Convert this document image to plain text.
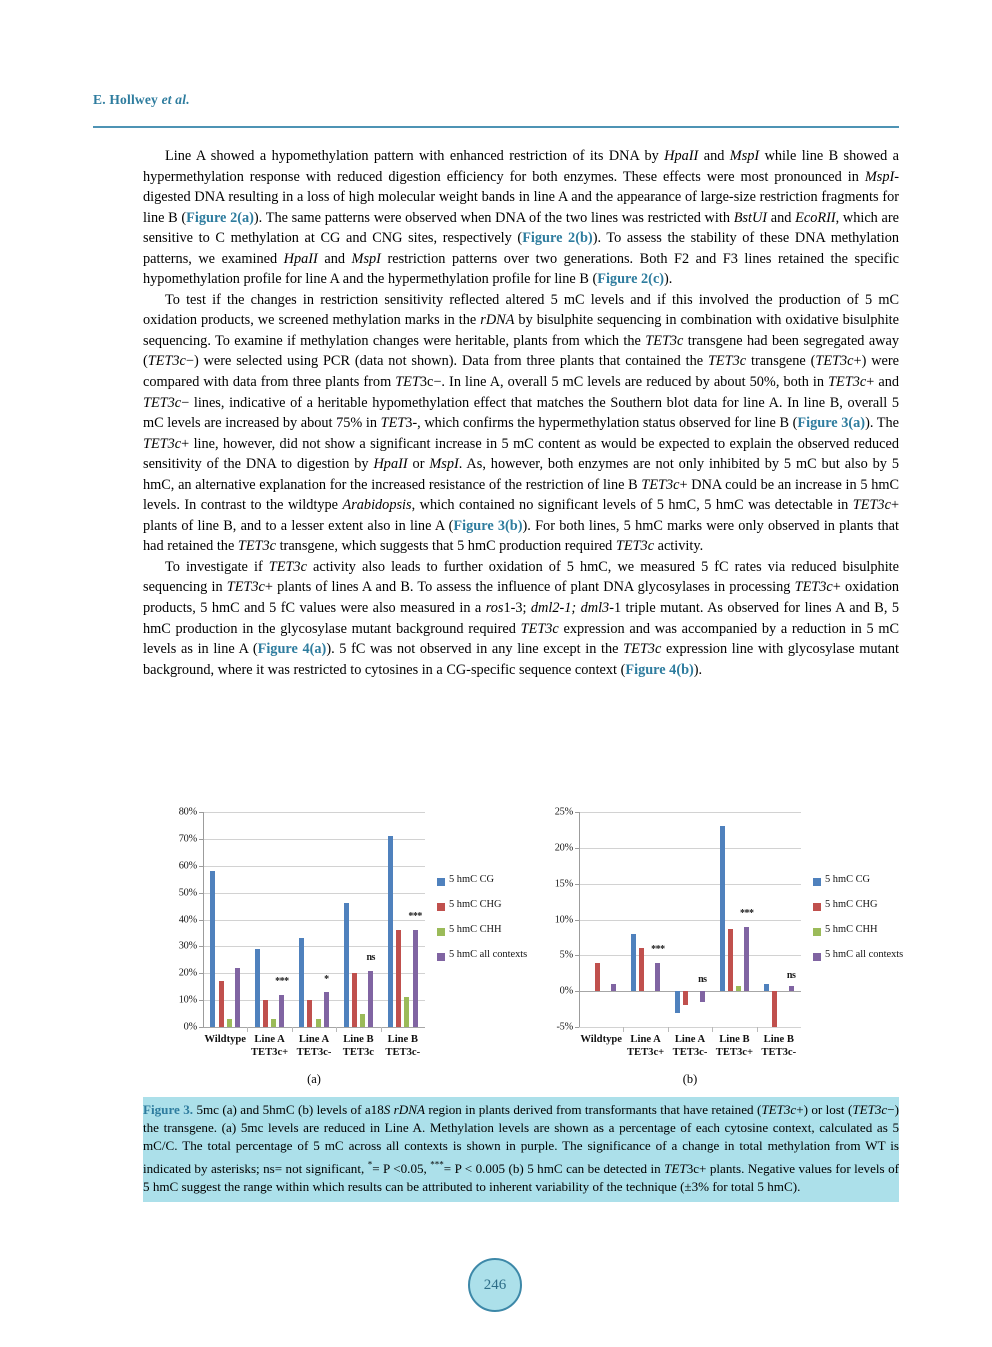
E. Hollwey et al.

Line A showed a hypomethylation pattern with enhanced restriction of its DNA by HpaII and MspI while line B showed a hypermethylation response with reduced digestion efficiency for both enzymes. These effects were most pronounced in MspI-digested DNA resulting in a loss of high molecular weight bands in line A and the appearance of large-size restriction fragments for line B (Figure 2(a)). The same patterns were observed when DNA of the two lines was restricted with BstUI and EcoRII, which are sensitive to C methylation at CG and CNG sites, respectively (Figure 2(b)). To assess the stability of these DNA methylation patterns, we examined HpaII and MspI restriction patterns over two generations. Both F2 and F3 lines retained the specific hypomethylation profile for line A and the hypermethylation profile for line B (Figure 2(c)).

To test if the changes in restriction sensitivity reflected altered 5 mC levels and if this involved the production of 5 mC oxidation products, we screened methylation marks in the rDNA by bisulphite sequencing in combination with oxidative bisulphite sequencing. To examine if methylation changes were heritable, plants from which the TET3c transgene had been segregated away (TET3c−) were selected using PCR (data not shown). Data from three plants that contained the TET3c transgene (TET3c+) were compared with data from three plants from TET3c−. In line A, overall 5 mC levels are reduced by about 50%, both in TET3c+ and TET3c− lines, indicative of a heritable hypomethylation effect that matches the Southern blot data for line A. In line B, overall 5 mC levels are increased by about 75% in TET3-, which confirms the hypermethylation status observed for line B (Figure 3(a)). The TET3c+ line, however, did not show a significant increase in 5 mC content as would be expected to explain the observed reduced sensitivity of the DNA to digestion by HpaII or MspI. As, however, both enzymes are not only inhibited by 5 mC but also by 5 hmC, an alternative explanation for the increased resistance of the restriction of line B TET3c+ DNA could be an increase in 5 hmC levels. In contrast to the wildtype Arabidopsis, which contained no significant levels of 5 hmC, 5 hmC was detectable in TET3c+ plants of line B, and to a lesser extent also in line A (Figure 3(b)). For both lines, 5 hmC marks were only observed in plants that had retained the TET3c transgene, which suggests that 5 hmC production required TET3c activity.

To investigate if TET3c activity also leads to further oxidation of 5 hmC, we measured 5 fC rates via reduced bisulphite sequencing in TET3c+ plants of lines A and B. To assess the influence of plant DNA glycosylases in processing TET3c+ oxidation products, 5 hmC and 5 fC values were also measured in a ros1-3; dml2-1; dml3-1 triple mutant. As observed for lines A and B, 5 hmC production in the glycosylase mutant background required TET3c expression and was accompanied by a reduction in 5 mC levels as in line A (Figure 4(a)). 5 fC was not observed in any line except in the TET3c expression line with glycosylase mutant background, where it was restricted to cytosines in a CG-specific sequence context (Figure 4(b)).

0%
10%
20%
30%
40%
50%
60%
70%
80%
Wildtype
***
Line A
TET3c+
*
Line A
TET3c-
ns
Line B
TET3c
***
Line B
TET3c-
5 hmC CG
5 hmC CHG
5 hmC CHH
5 hmC all contexts
(a)
-5%
0%
5%
10%
15%
20%
25%
Wildtype
***
Line A
TET3c+
ns
Line A
TET3c-
***
Line B
TET3c+
ns
Line B
TET3c-
5 hmC CG
5 hmC CHG
5 hmC CHH
5 hmC all contexts
(b)

Figure 3. 5mc (a) and 5hmC (b) levels of a18S rDNA region in plants derived from transformants that have retained (TET3c+) or lost (TET3c−) the transgene. (a) 5mc levels are reduced in Line A. Methylation levels are shown as a percentage of each cytosine context, calculated as 5 mC/C. The total percentage of 5 mC across all contexts is shown in purple. The significance of a change in total methylation from WT is indicated by asterisks; ns= not significant, *= P <0.05, ***= P < 0.005 (b) 5 hmC can be detected in TET3c+ plants. Negative values for levels of 5 hmC suggest the range within which results can be attributed to inherent variability of the technique (±3% for total 5 hmC).

246
